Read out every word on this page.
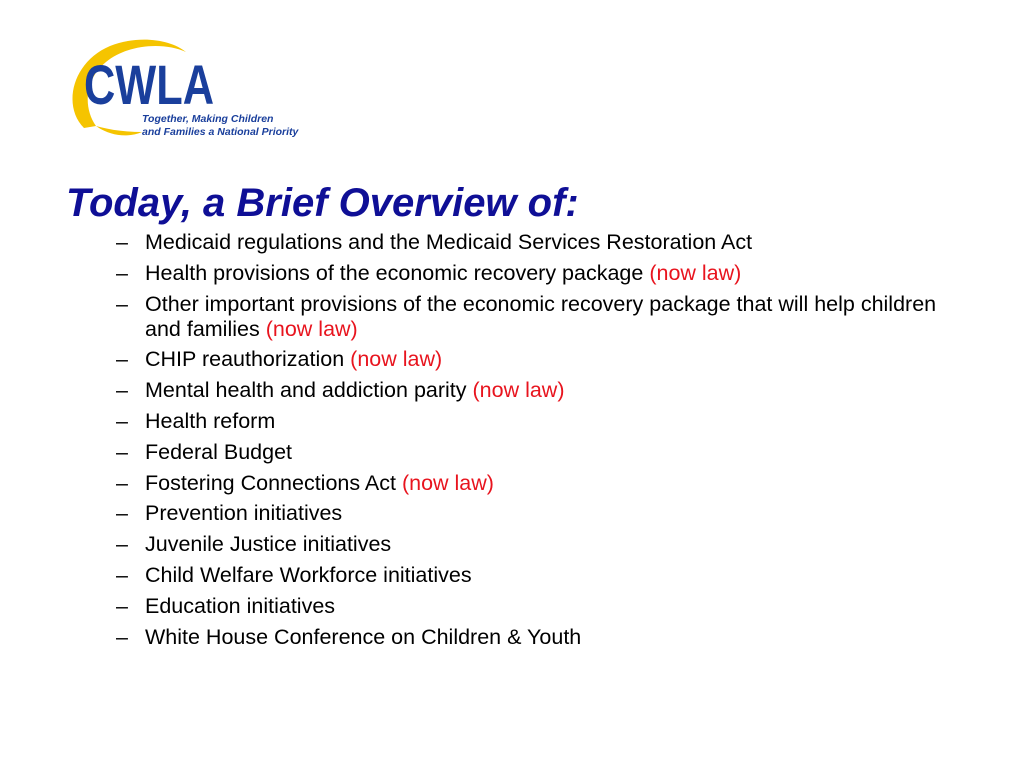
CWLA
Together, Making Children
and Families a National Priority
Today, a Brief Overview of:
– Medicaid regulations and the Medicaid Services Restoration Act
– Health provisions of the economic recovery package (now law)
– Other important provisions of the economic recovery package that will help children and families (now law)
– CHIP reauthorization (now law)
– Mental health and addiction parity (now law)
– Health reform
– Federal Budget
– Fostering Connections Act (now law)
– Prevention initiatives
– Juvenile Justice initiatives
– Child Welfare Workforce initiatives
– Education initiatives
– White House Conference on Children & Youth
